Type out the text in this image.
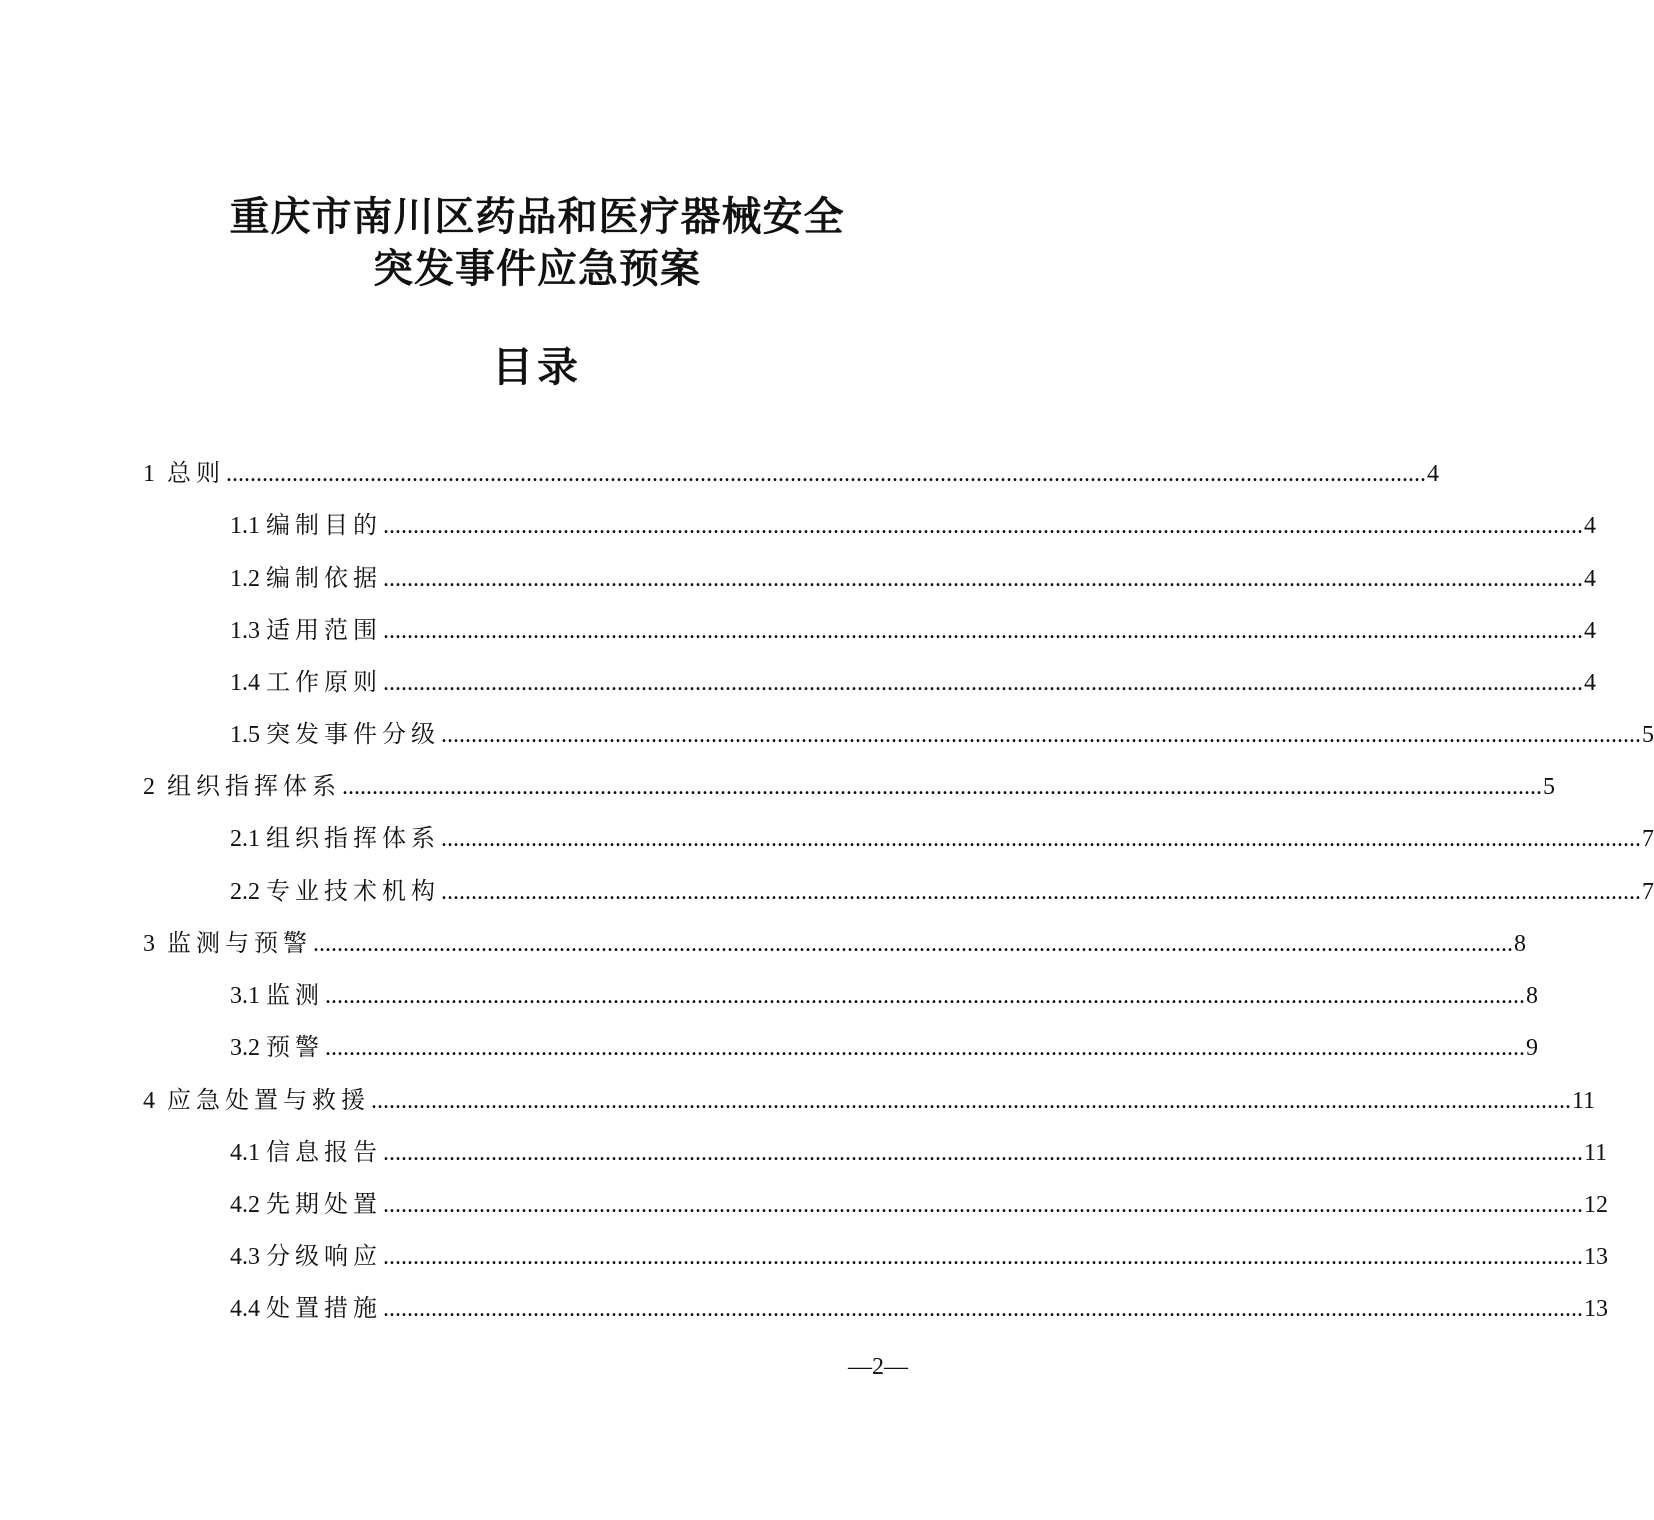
重庆市南川区药品和医疗器械安全
突发事件应急预案
目录
1
总则 ........................................................................................................................................................................................................ 4
1.1
编制目的 ........................................................................................................................................................................................................ 4
1.2
编制依据 ........................................................................................................................................................................................................ 4
1.3
适用范围 ........................................................................................................................................................................................................ 4
1.4
工作原则 ........................................................................................................................................................................................................ 4
1.5
突发事件分级 ........................................................................................................................................................................................................ 5
2
组织指挥体系 ........................................................................................................................................................................................................ 5
2.1
组织指挥体系 ........................................................................................................................................................................................................ 7
2.2
专业技术机构 ........................................................................................................................................................................................................ 7
3
监测与预警 ........................................................................................................................................................................................................ 8
3.1
监测 ........................................................................................................................................................................................................ 8
3.2
预警 ........................................................................................................................................................................................................ 9
4
应急处置与救援 ........................................................................................................................................................................................................ 11
4.1
信息报告 ........................................................................................................................................................................................................ 11
4.2
先期处置 ........................................................................................................................................................................................................ 12
4.3
分级响应 ........................................................................................................................................................................................................ 13
4.4
处置措施 ........................................................................................................................................................................................................ 13
—2—
